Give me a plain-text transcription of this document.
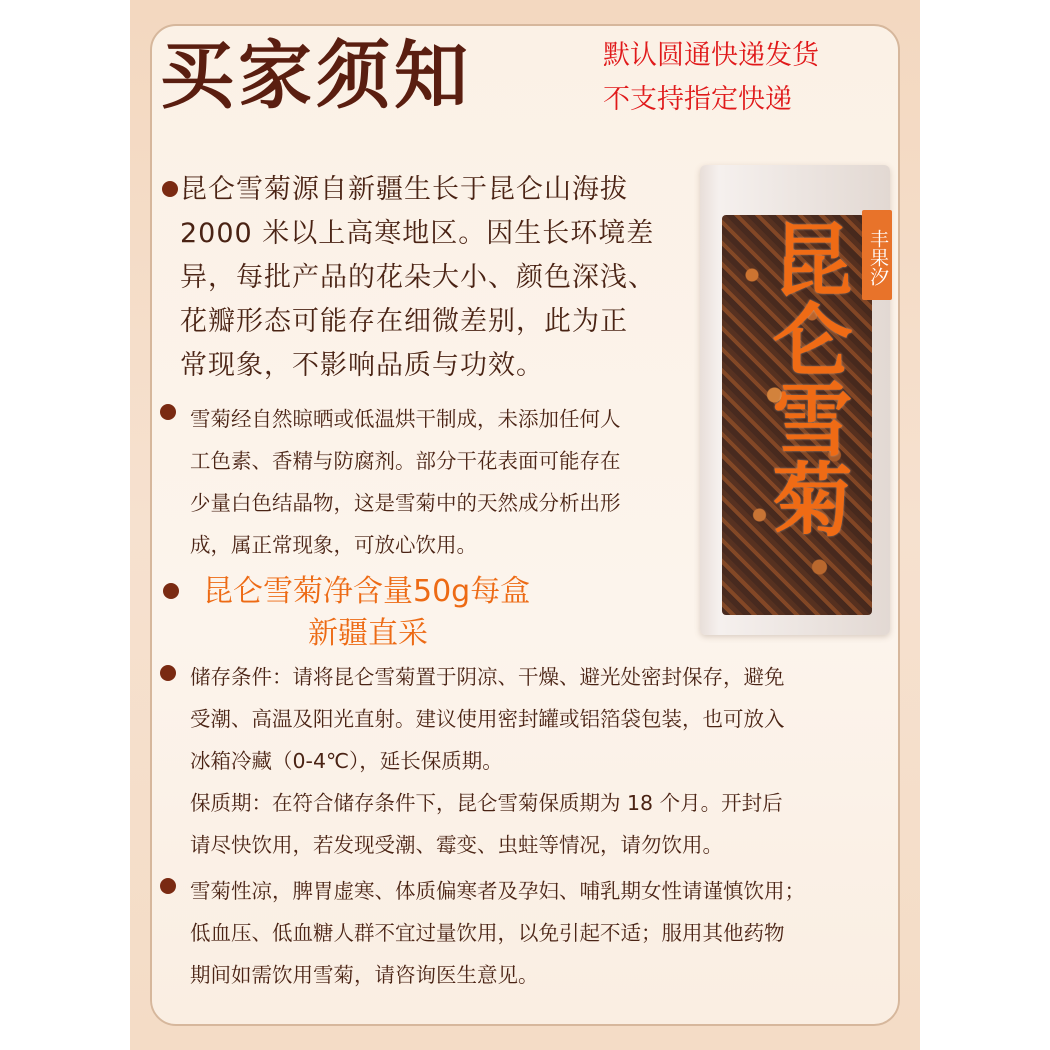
买家须知	默认圆通快递发货
不支持指定快递
丰果汐
昆仑雪菊
昆仑雪菊源自新疆生长于昆仑山海拔
2000 米以上高寒地区。因生长环境差
异，每批产品的花朵大小、颜色深浅、
花瓣形态可能存在细微差别，此为正
常现象，不影响品质与功效。
雪菊经自然晾晒或低温烘干制成，未添加任何人
工色素、香精与防腐剂。部分干花表面可能存在
少量白色结晶物，这是雪菊中的天然成分析出形
成，属正常现象，可放心饮用。
昆仑雪菊净含量50g每盒
新疆直采
储存条件：请将昆仑雪菊置于阴凉、干燥、避光处密封保存，避免
受潮、高温及阳光直射。建议使用密封罐或铝箔袋包装，也可放入
冰箱冷藏（0-4℃），延长保质期。
保质期：在符合储存条件下，昆仑雪菊保质期为 18 个月。开封后
请尽快饮用，若发现受潮、霉变、虫蛀等情况，请勿饮用。
雪菊性凉，脾胃虚寒、体质偏寒者及孕妇、哺乳期女性请谨慎饮用；
低血压、低血糖人群不宜过量饮用，以免引起不适；服用其他药物
期间如需饮用雪菊，请咨询医生意见。
